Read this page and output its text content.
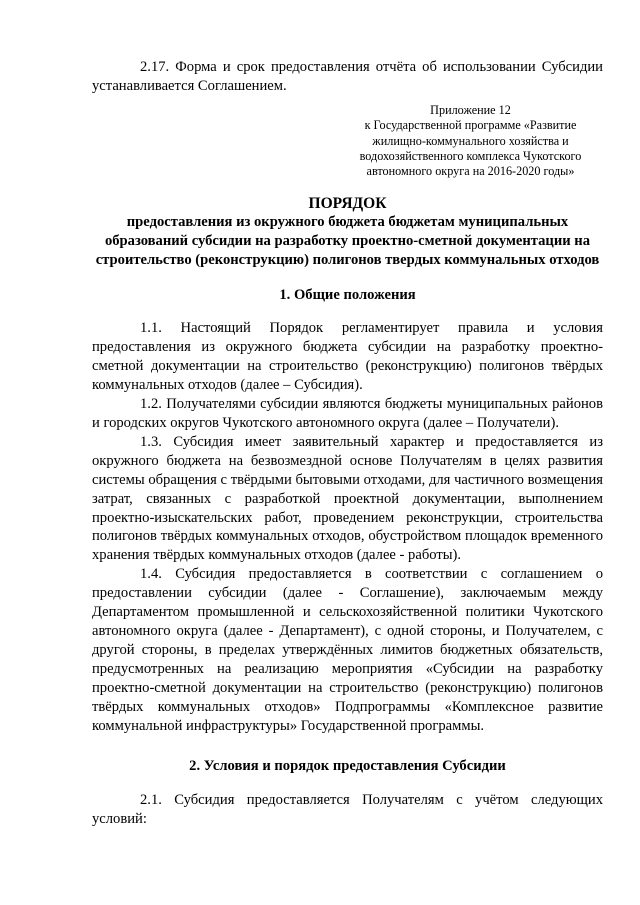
2.17. Форма и срок предоставления отчёта об использовании Субсидии устанавливается Соглашением.

Приложение 12
к Государственной программе «Развитие
жилищно-коммунального хозяйства и
водохозяйственного комплекса Чукотского
автономного округа на 2016-2020 годы»
ПОРЯДОК
предоставления из окружного бюджета бюджетам муниципальных образований субсидии на разработку проектно-сметной документации на строительство (реконструкцию) полигонов твердых коммунальных отходов
1. Общие положения

1.1. Настоящий Порядок регламентирует правила и условия предоставления из окружного бюджета субсидии на разработку проектно-сметной документации на строительство (реконструкцию) полигонов твёрдых коммунальных отходов (далее – Субсидия).

1.2. Получателями субсидии являются бюджеты муниципальных районов и городских округов Чукотского автономного округа (далее – Получатели).

1.3. Субсидия имеет заявительный характер и предоставляется из окружного бюджета на безвозмездной основе Получателям в целях развития системы обращения с твёрдыми бытовыми отходами, для частичного возмещения затрат, связанных с разработкой проектной документации, выполнением проектно-изыскательских работ, проведением реконструкции, строительства полигонов твёрдых коммунальных отходов, обустройством площадок временного хранения твёрдых коммунальных отходов (далее - работы).

1.4. Субсидия предоставляется в соответствии с соглашением о предоставлении субсидии (далее - Соглашение), заключаемым между Департаментом промышленной и сельскохозяйственной политики Чукотского автономного округа (далее - Департамент), с одной стороны, и Получателем, с другой стороны, в пределах утверждённых лимитов бюджетных обязательств, предусмотренных на реализацию мероприятия «Субсидии на разработку проектно-сметной документации на строительство (реконструкцию) полигонов твёрдых коммунальных отходов» Подпрограммы «Комплексное развитие коммунальной инфраструктуры» Государственной программы.

2. Условия и порядок предоставления Субсидии

2.1. Субсидия предоставляется Получателям с учётом следующих условий:
